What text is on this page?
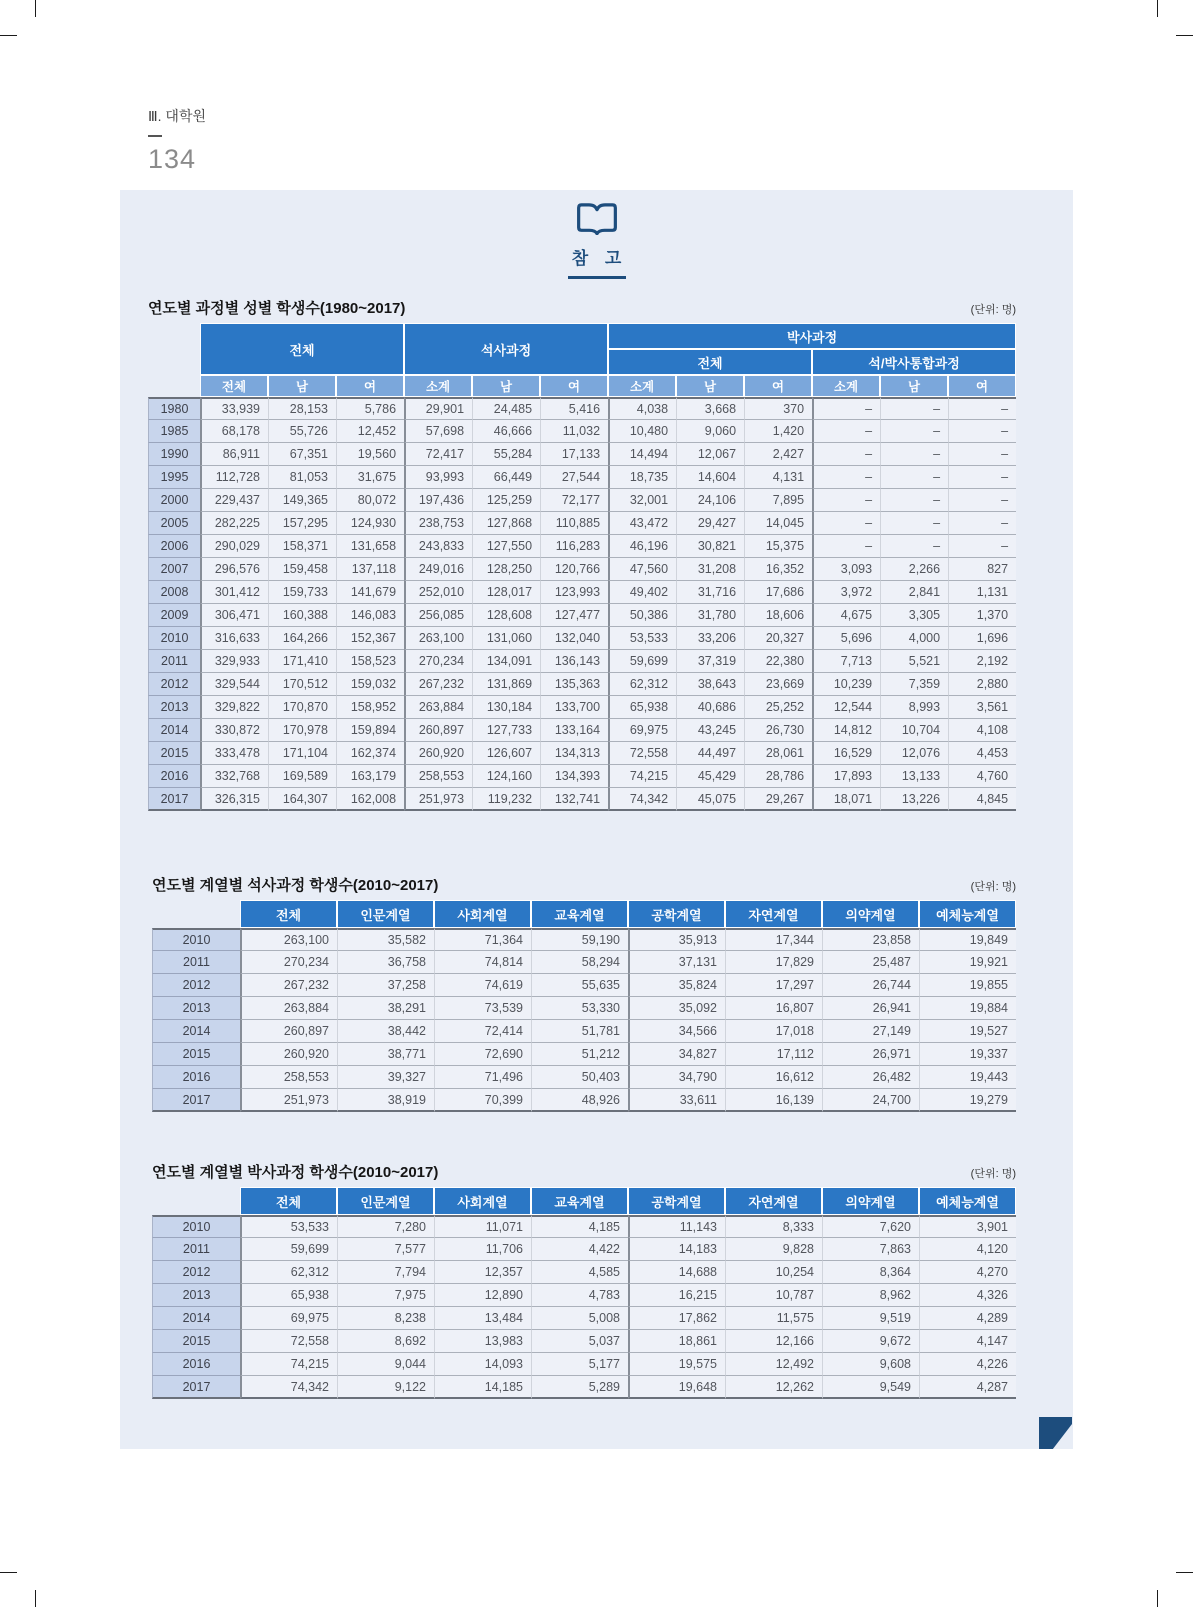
Ⅲ. 대학원
134
참 고
연도별 과정별 성별 학생수(1980~2017)	(단위: 명)
	전체			석사과정			박사과정					
							전체			석/박사통합과정		
	전체	남	여	소계	남	여	소계	남	여	소계	남	여
1980	33,939	28,153	5,786	29,901	24,485	5,416	4,038	3,668	370	–	–	–
1985	68,178	55,726	12,452	57,698	46,666	11,032	10,480	9,060	1,420	–	–	–
1990	86,911	67,351	19,560	72,417	55,284	17,133	14,494	12,067	2,427	–	–	–
1995	112,728	81,053	31,675	93,993	66,449	27,544	18,735	14,604	4,131	–	–	–
2000	229,437	149,365	80,072	197,436	125,259	72,177	32,001	24,106	7,895	–	–	–
2005	282,225	157,295	124,930	238,753	127,868	110,885	43,472	29,427	14,045	–	–	–
2006	290,029	158,371	131,658	243,833	127,550	116,283	46,196	30,821	15,375	–	–	–
2007	296,576	159,458	137,118	249,016	128,250	120,766	47,560	31,208	16,352	3,093	2,266	827
2008	301,412	159,733	141,679	252,010	128,017	123,993	49,402	31,716	17,686	3,972	2,841	1,131
2009	306,471	160,388	146,083	256,085	128,608	127,477	50,386	31,780	18,606	4,675	3,305	1,370
2010	316,633	164,266	152,367	263,100	131,060	132,040	53,533	33,206	20,327	5,696	4,000	1,696
2011	329,933	171,410	158,523	270,234	134,091	136,143	59,699	37,319	22,380	7,713	5,521	2,192
2012	329,544	170,512	159,032	267,232	131,869	135,363	62,312	38,643	23,669	10,239	7,359	2,880
2013	329,822	170,870	158,952	263,884	130,184	133,700	65,938	40,686	25,252	12,544	8,993	3,561
2014	330,872	170,978	159,894	260,897	127,733	133,164	69,975	43,245	26,730	14,812	10,704	4,108
2015	333,478	171,104	162,374	260,920	126,607	134,313	72,558	44,497	28,061	16,529	12,076	4,453
2016	332,768	169,589	163,179	258,553	124,160	134,393	74,215	45,429	28,786	17,893	13,133	4,760
2017	326,315	164,307	162,008	251,973	119,232	132,741	74,342	45,075	29,267	18,071	13,226	4,845
연도별 계열별 석사과정 학생수(2010~2017)	(단위: 명)
	전체	인문계열	사회계열	교육계열	공학계열	자연계열	의약계열	예체능계열
2010	263,100	35,582	71,364	59,190	35,913	17,344	23,858	19,849
2011	270,234	36,758	74,814	58,294	37,131	17,829	25,487	19,921
2012	267,232	37,258	74,619	55,635	35,824	17,297	26,744	19,855
2013	263,884	38,291	73,539	53,330	35,092	16,807	26,941	19,884
2014	260,897	38,442	72,414	51,781	34,566	17,018	27,149	19,527
2015	260,920	38,771	72,690	51,212	34,827	17,112	26,971	19,337
2016	258,553	39,327	71,496	50,403	34,790	16,612	26,482	19,443
2017	251,973	38,919	70,399	48,926	33,611	16,139	24,700	19,279
연도별 계열별 박사과정 학생수(2010~2017)	(단위: 명)
	전체	인문계열	사회계열	교육계열	공학계열	자연계열	의약계열	예체능계열
2010	53,533	7,280	11,071	4,185	11,143	8,333	7,620	3,901
2011	59,699	7,577	11,706	4,422	14,183	9,828	7,863	4,120
2012	62,312	7,794	12,357	4,585	14,688	10,254	8,364	4,270
2013	65,938	7,975	12,890	4,783	16,215	10,787	8,962	4,326
2014	69,975	8,238	13,484	5,008	17,862	11,575	9,519	4,289
2015	72,558	8,692	13,983	5,037	18,861	12,166	9,672	4,147
2016	74,215	9,044	14,093	5,177	19,575	12,492	9,608	4,226
2017	74,342	9,122	14,185	5,289	19,648	12,262	9,549	4,287
